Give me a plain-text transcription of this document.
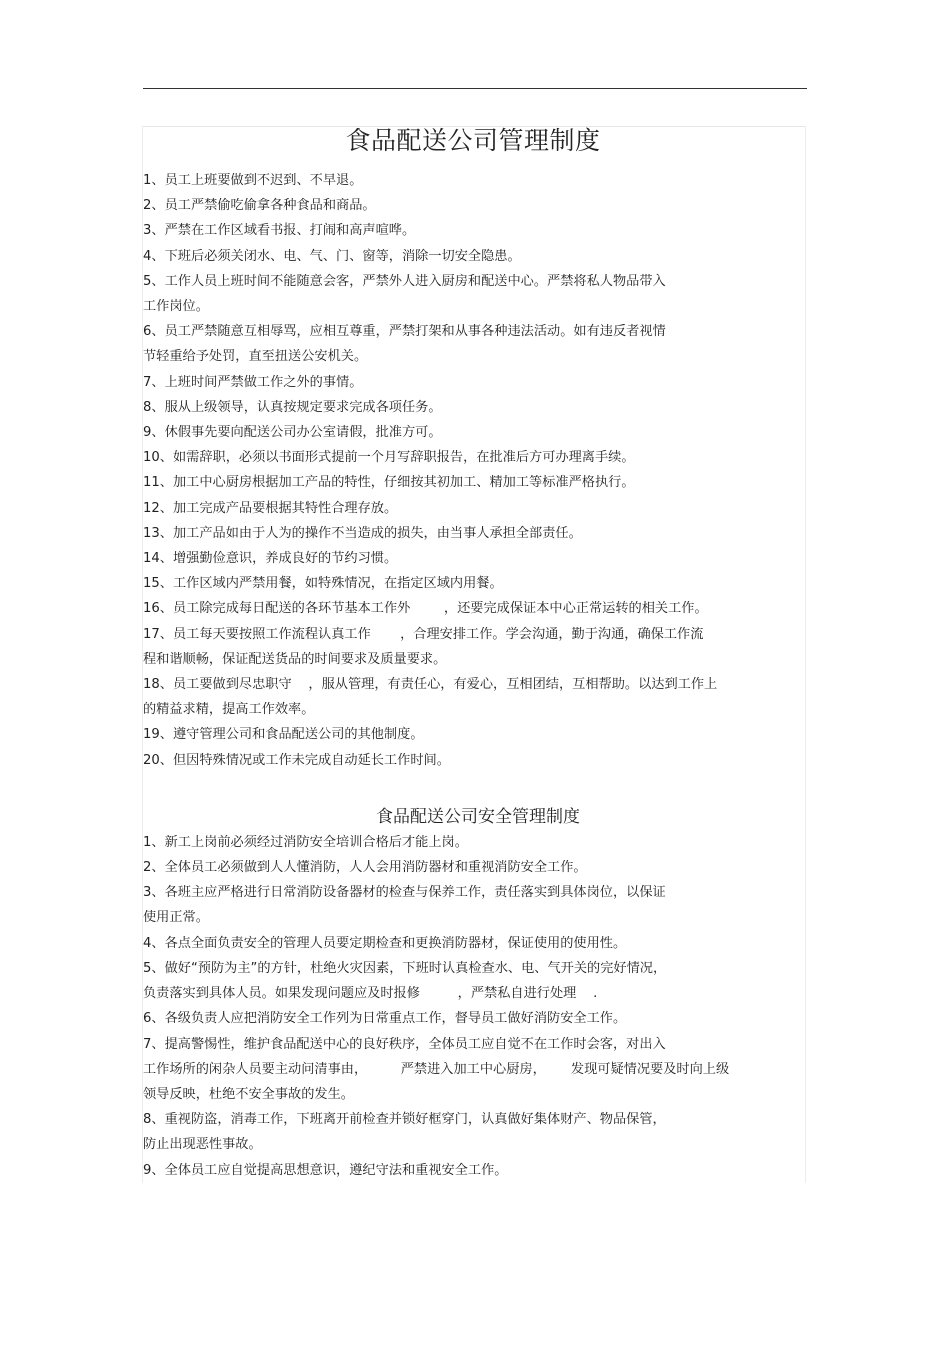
食品配送公司管理制度
1、员工上班要做到不迟到、不早退。
2、员工严禁偷吃偷拿各种食品和商品。
3、严禁在工作区域看书报、打闹和高声喧哗。
4、下班后必须关闭水、电、气、门、窗等，消除一切安全隐患。
5、工作人员上班时间不能随意会客，严禁外人进入厨房和配送中心。严禁将私人物品带入
工作岗位。
6、员工严禁随意互相辱骂，应相互尊重，严禁打架和从事各种违法活动。如有违反者视情
节轻重给予处罚，直至扭送公安机关。
7、上班时间严禁做工作之外的事情。
8、服从上级领导，认真按规定要求完成各项任务。
9、休假事先要向配送公司办公室请假，批准方可。
10、如需辞职，必须以书面形式提前一个月写辞职报告，在批准后方可办理离手续。
11、加工中心厨房根据加工产品的特性，仔细按其初加工、精加工等标准严格执行。
12、加工完成产品要根据其特性合理存放。
13、加工产品如由于人为的操作不当造成的损失，由当事人承担全部责任。
14、增强勤俭意识，养成良好的节约习惯。
15、工作区域内严禁用餐，如特殊情况，在指定区域内用餐。
16、员工除完成每日配送的各环节基本工作外        ，还要完成保证本中心正常运转的相关工作。
17、员工每天要按照工作流程认真工作       ，合理安排工作。学会沟通，勤于沟通，确保工作流
程和谐顺畅，保证配送货品的时间要求及质量要求。
18、员工要做到尽忠职守    ，服从管理，有责任心，有爱心，互相团结，互相帮助。以达到工作上
的精益求精，提高工作效率。
19、遵守管理公司和食品配送公司的其他制度。
20、但因特殊情况或工作未完成自动延长工作时间。
食品配送公司安全管理制度
1、新工上岗前必须经过消防安全培训合格后才能上岗。
2、全体员工必须做到人人懂消防，人人会用消防器材和重视消防安全工作。
3、各班主应严格进行日常消防设备器材的检查与保养工作，责任落实到具体岗位，以保证
使用正常。
4、各点全面负责安全的管理人员要定期检查和更换消防器材，保证使用的使用性。
5、做好“预防为主”的方针，杜绝火灾因素，下班时认真检查水、电、气开关的完好情况，
负责落实到具体人员。如果发现问题应及时报修         ，严禁私自进行处理    .
6、各级负责人应把消防安全工作列为日常重点工作，督导员工做好消防安全工作。
7、提高警惕性，维护食品配送中心的良好秩序，全体员工应自觉不在工作时会客，对出入
工作场所的闲杂人员要主动问清事由，        严禁进入加工中心厨房，      发现可疑情况要及时向上级
领导反映，杜绝不安全事故的发生。
8、重视防盗，消毒工作，下班离开前检查并锁好框穿门，认真做好集体财产、物品保管，
防止出现恶性事故。
9、全体员工应自觉提高思想意识，遵纪守法和重视安全工作。
